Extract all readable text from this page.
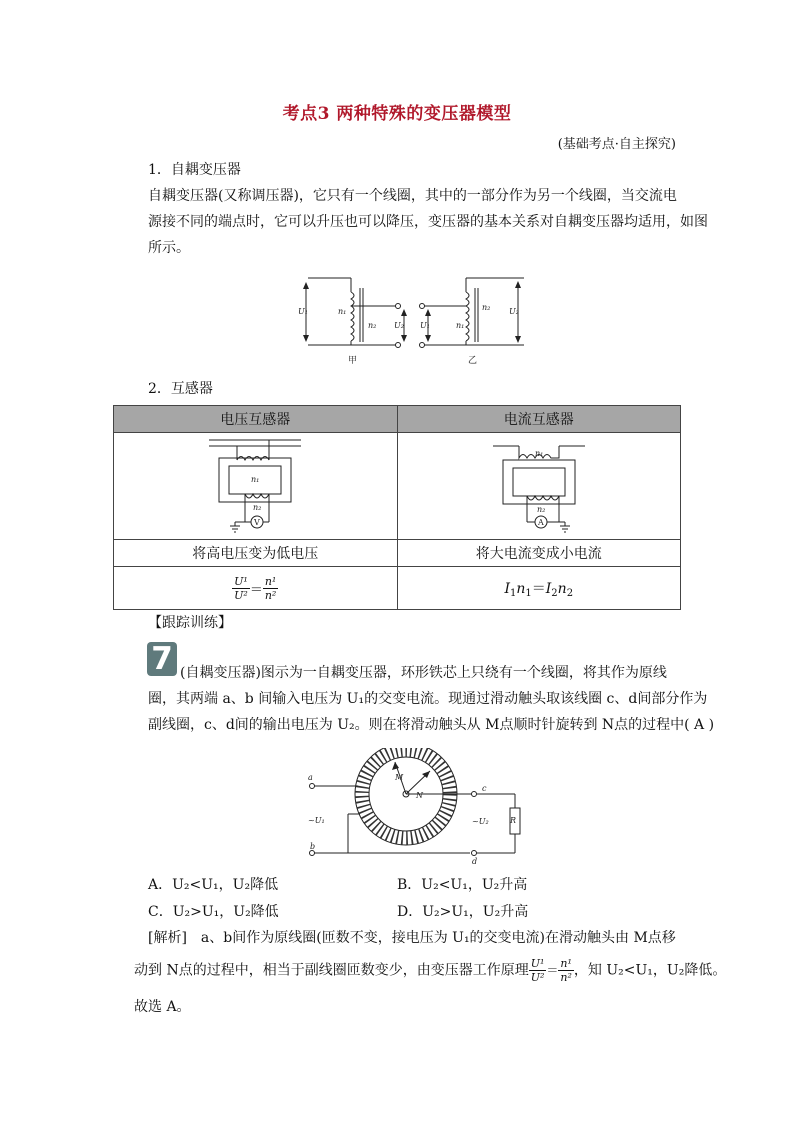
考点3 两种特殊的变压器模型
(基础考点·自主探究)
1．自耦变压器
自耦变压器(又称调压器)，它只有一个线圈，其中的一部分作为另一个线圈，当交流电
源接不同的端点时，它可以升压也可以降压，变压器的基本关系对自耦变压器均适用，如图
所示。
U₁	n₁
n₂ U₂ U₁	n₁
n₂ U₂
甲	乙
2．互感器
电压互感器	电流互感器

n₁
n₂
V	n₁
n₂
A

将高电压变为低电压	将大电流变成小电流

$\frac{\text{U¹}}{\text{U²}} = \frac{\text{n¹}}{\text{n²}}$	$I_1n_1=I_2n_2$
【跟踪训练】
7 (自耦变压器)图示为一自耦变压器，环形铁芯上只绕有一个线圈，将其作为原线
圈，其两端 a、b 间输入电压为 U₁的交变电流。现通过滑动触头取该线圈 c、d间部分作为
副线圈，c、d间的输出电压为 U₂。则在将滑动触头从 M点顺时针旋转到 N点的过程中( A )
a
b
c
d
~U₁	~U₂
M
N
R
A．U₂<U₁，U₂降低	B．U₂<U₁，U₂升高
C．U₂>U₁，U₂降低	D．U₂>U₁，U₂升高
[解析]　a、b间作为原线圈(匝数不变，接电压为 U₁的交变电流)在滑动触头由 M点移
动到 N点的过程中，相当于副线圈匝数变少，由变压器工作原理 $\frac{\text{U¹}}{\text{U²}} = \frac{\text{n¹}}{\text{n²}}$ ，知 U₂<U₁，U₂降低。
故选 A。
